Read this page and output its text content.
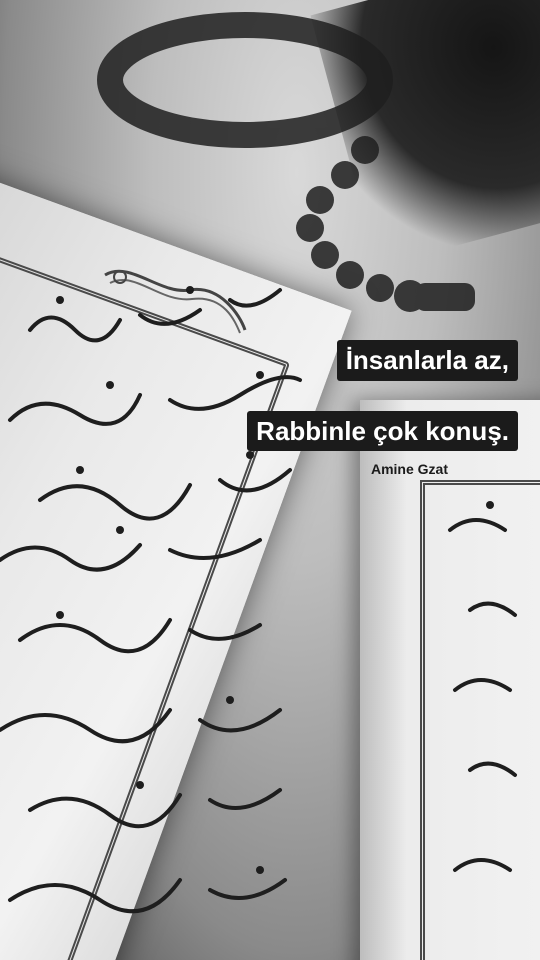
İnsanlarla az,
Rabbinle çok konuş.
Amine Gzat
